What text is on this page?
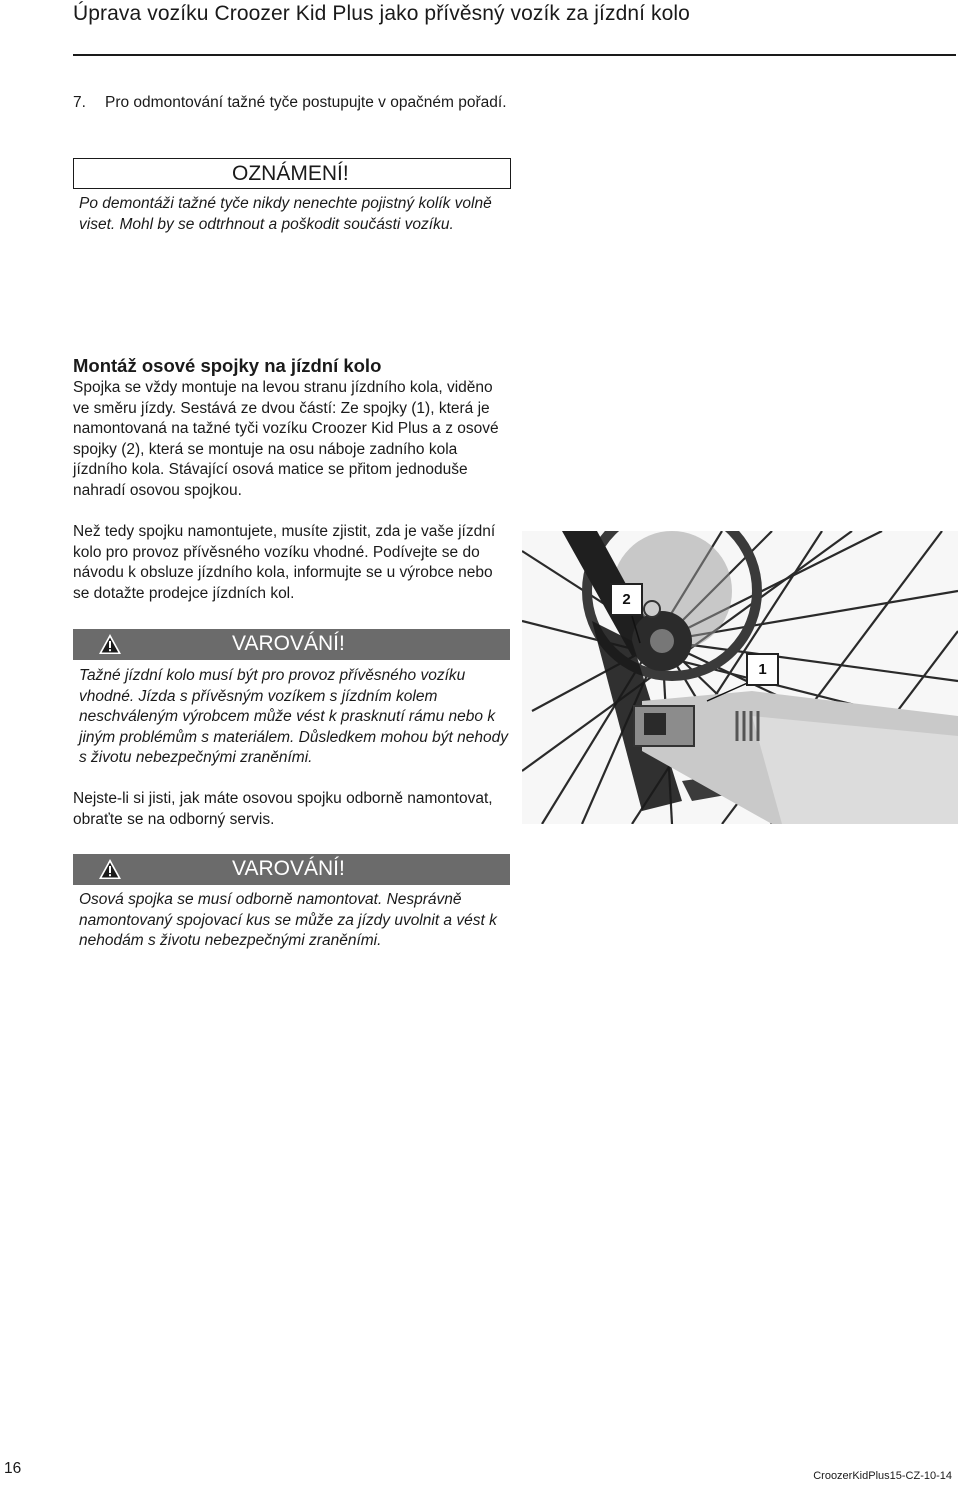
Úprava vozíku Croozer Kid Plus jako přívěsný vozík za jízdní kolo
7.	Pro odmontování tažné tyče postupujte v opačném pořadí.
OZNÁMENÍ!
Po demontáži tažné tyče nikdy nenechte pojistný kolík volně viset. Mohl by se odtrhnout a poškodit součásti vozíku.
Montáž osové spojky na jízdní kolo
Spojka se vždy montuje na levou stranu jízdního kola, viděno ve směru jízdy. Sestává ze dvou částí: Ze spojky (1), která je namontovaná na tažné tyči vozíku Croozer Kid Plus a z osové spojky (2), která se montuje na osu náboje zadního kola jízdního kola. Stávající osová matice se přitom jednoduše nahradí osovou spojkou.
Než tedy spojku namontujete, musíte zjistit, zda je vaše jízdní kolo pro provoz přívěsného vozíku vhodné. Podívejte se do návodu k obsluze jízdního kola, informujte se u výrobce nebo se dotažte prodejce jízdních kol.
VAROVÁNÍ!
Tažné jízdní kolo musí být pro provoz přívěsného vozíku vhodné. Jízda s přívěsným vozíkem s jízdním kolem neschváleným výrobcem může vést k prasknutí rámu nebo k jiným problémům s materiálem. Důsledkem mohou být nehody s životu nebezpečnými zraněními.
Nejste-li si jisti, jak máte osovou spojku odborně namontovat, obraťte se na odborný servis.
VAROVÁNÍ!
Osová spojka se musí odborně namontovat. Nesprávně namontovaný spojovací kus se může za jízdy uvolnit a vést k nehodám s životu nebezpečnými zraněními.
2
1
16	CroozerKidPlus15-CZ-10-14
